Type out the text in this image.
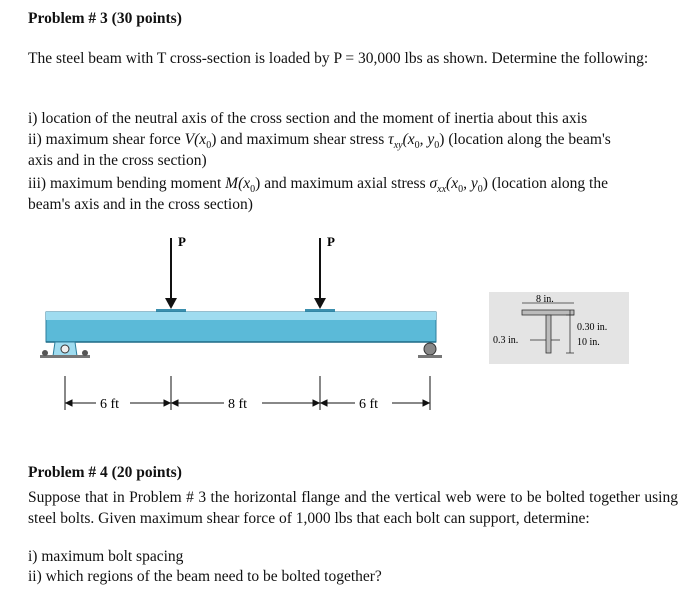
Problem # 3 (30 points)
The steel beam with T cross-section is loaded by P = 30,000 lbs as shown. Determine the following:
i) location of the neutral axis of the cross section and the moment of inertia about this axis
ii) maximum shear force $V(x_0)$ and maximum shear stress $\tau_{xy}(x_0$, $y_0$) (location along the beam's
axis and in the cross section)
iii) maximum bending moment $M(x_0)$ and maximum axial stress $\sigma_{xx}(x_0$, $y_0$) (location along the
beam's axis and in the cross section)
P	P
6 ft	8 ft	6 ft
8 in.
0.30 in.
10 in.
0.3 in.
Problem # 4 (20 points)
Suppose that in Problem # 3 the horizontal flange and the vertical web were to be bolted together using steel bolts. Given maximum shear force of 1,000 lbs that each bolt can support, determine:
i) maximum bolt spacing
ii) which regions of the beam need to be bolted together?
